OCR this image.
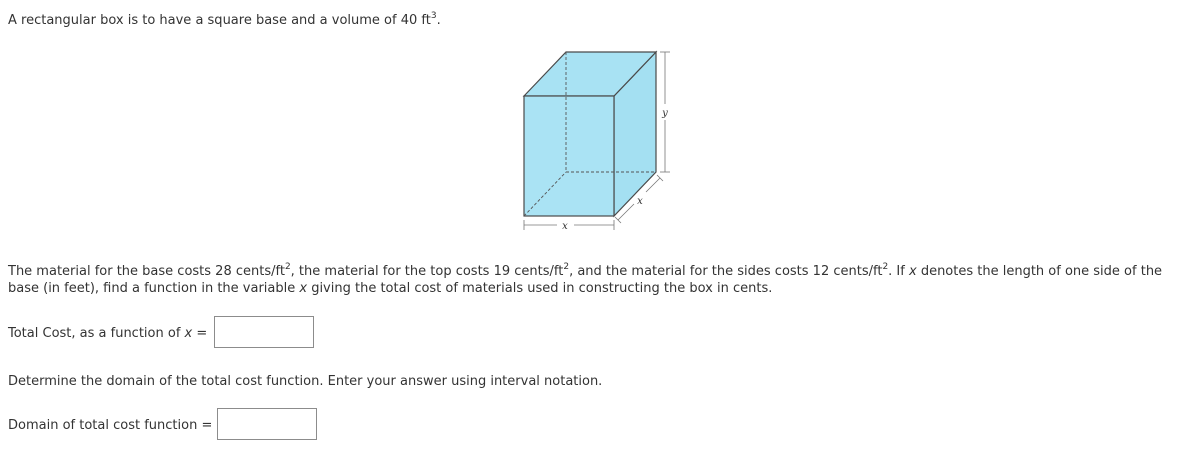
A rectangular box is to have a square base and a volume of 40 $ft^3$.
x
x
y
The material for the base costs 28 cents/$ft^2$, the material for the top costs 19 cents/$ft^2$, and the material for the sides costs 12 cents/$ft^2$. If x denotes the length of one side of the base (in feet), find a function in the variable x giving the total cost of materials used in constructing the box in cents.
Total Cost, as a function of x =
Determine the domain of the total cost function. Enter your answer using interval notation.
Domain of total cost function =
